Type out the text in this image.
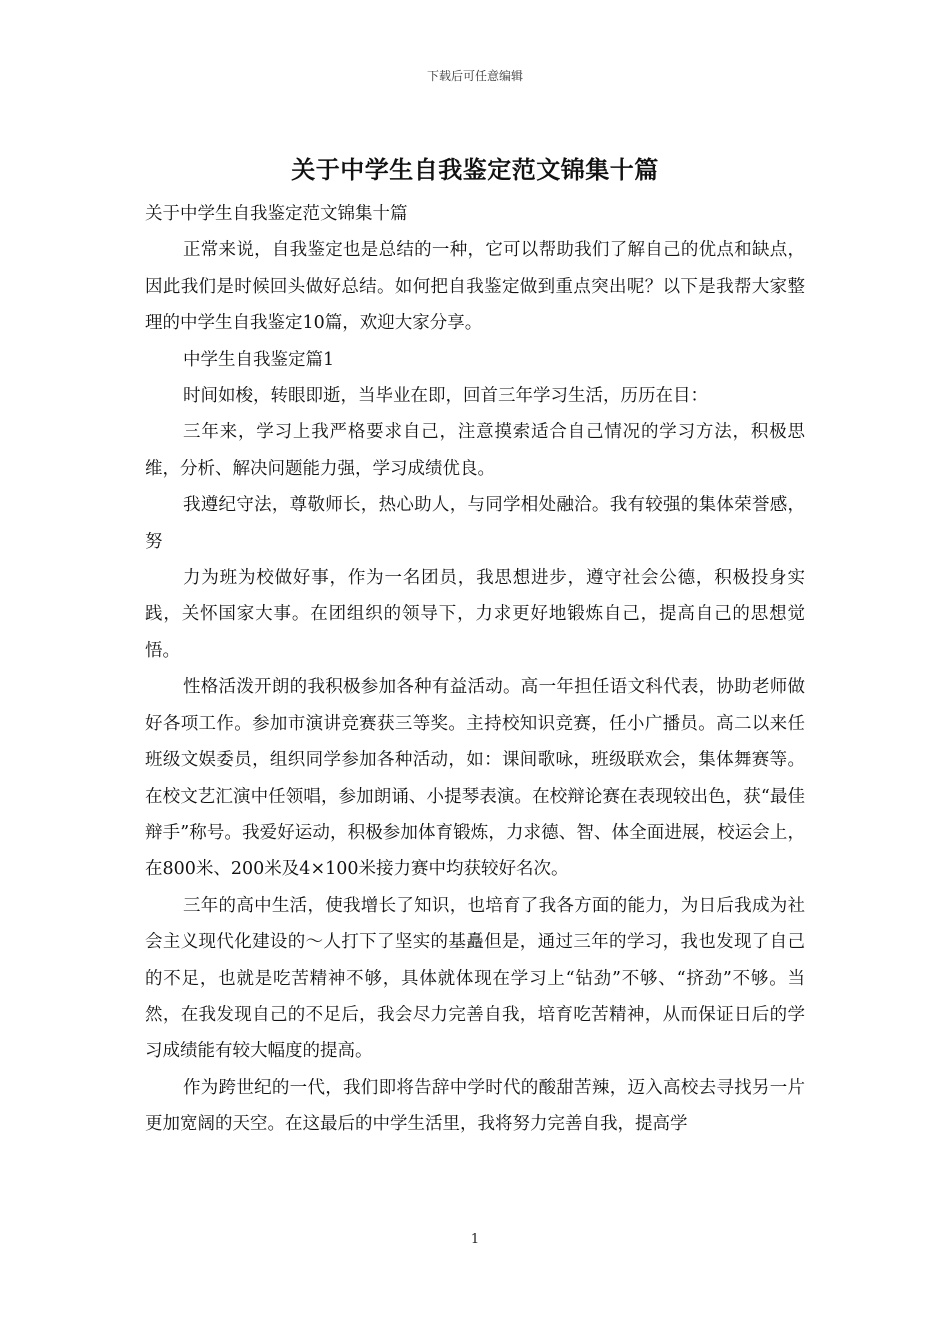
下载后可任意编辑
关于中学生自我鉴定范文锦集十篇

关于中学生自我鉴定范文锦集十篇

正常来说，自我鉴定也是总结的一种，它可以帮助我们了解自己的优点和缺点，因此我们是时候回头做好总结。如何把自我鉴定做到重点突出呢？以下是我帮大家整理的中学生自我鉴定10篇，欢迎大家分享。

中学生自我鉴定篇1

时间如梭，转眼即逝，当毕业在即，回首三年学习生活，历历在目：

三年来，学习上我严格要求自己，注意摸索适合自己情况的学习方法，积极思维，分析、解决问题能力强，学习成绩优良。

我遵纪守法，尊敬师长，热心助人，与同学相处融洽。我有较强的集体荣誉感，努

力为班为校做好事，作为一名团员，我思想进步，遵守社会公德，积极投身实践，关怀国家大事。在团组织的领导下，力求更好地锻炼自己，提高自己的思想觉悟。

性格活泼开朗的我积极参加各种有益活动。高一年担任语文科代表，协助老师做好各项工作。参加市演讲竞赛获三等奖。主持校知识竞赛，任小广播员。高二以来任班级文娱委员，组织同学参加各种活动，如：课间歌咏，班级联欢会，集体舞赛等。在校文艺汇演中任领唱，参加朗诵、小提琴表演。在校辩论赛在表现较出色，获“最佳辩手”称号。我爱好运动，积极参加体育锻炼，力求德、智、体全面进展，校运会上，在800米、200米及4×100米接力赛中均获较好名次。

三年的高中生活，使我增长了知识，也培育了我各方面的能力，为日后我成为社会主义现代化建设的～人打下了坚实的基矗但是，通过三年的学习，我也发现了自己的不足，也就是吃苦精神不够，具体就体现在学习上“钻劲”不够、“挤劲”不够。当然，在我发现自己的不足后，我会尽力完善自我，培育吃苦精神，从而保证日后的学习成绩能有较大幅度的提高。

作为跨世纪的一代，我们即将告辞中学时代的酸甜苦辣，迈入高校去寻找另一片更加宽阔的天空。在这最后的中学生活里，我将努力完善自我，提高学

1
